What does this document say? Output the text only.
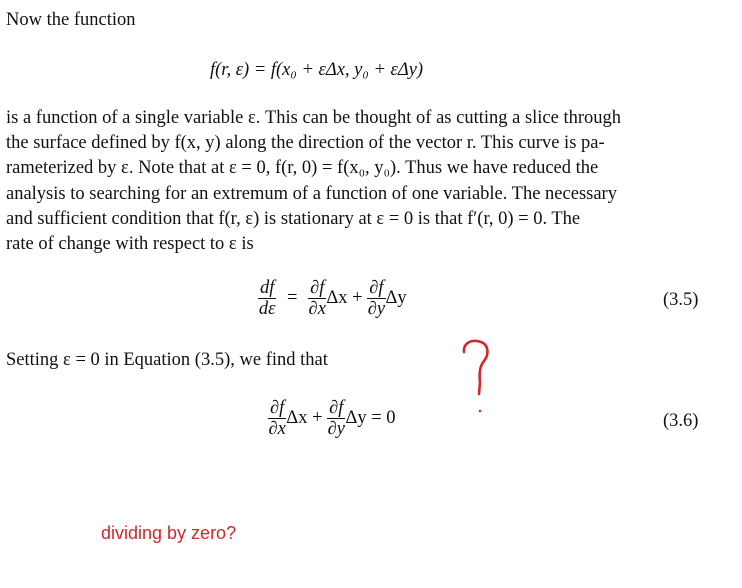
Now the function
f(r, ε) = f(x₀ + εΔx, y₀ + εΔy)
is a function of a single variable ε. This can be thought of as cutting a slice through
the surface defined by f(x, y) along the direction of the vector r. This curve is pa-
rameterized by ε. Note that at ε = 0, f(r, 0) = f(x₀, y₀). Thus we have reduced the
analysis to searching for an extremum of a function of one variable. The necessary
and sufficient condition that f(r, ε) is stationary at ε = 0 is that f′(r, 0) = 0. The
rate of change with respect to ε is
$\frac{df}{d\varepsilon} = \frac{\partial f}{\partial x}$ $\Delta x + \frac{\partial f}{\partial y}$ Δy	(3.5)
Setting ε = 0 in Equation (3.5), we find that
$\frac{\partial f}{\partial x}$ $\Delta x + \frac{\partial f}{\partial y}$ Δy = 0	(3.6)
dividing by zero?
